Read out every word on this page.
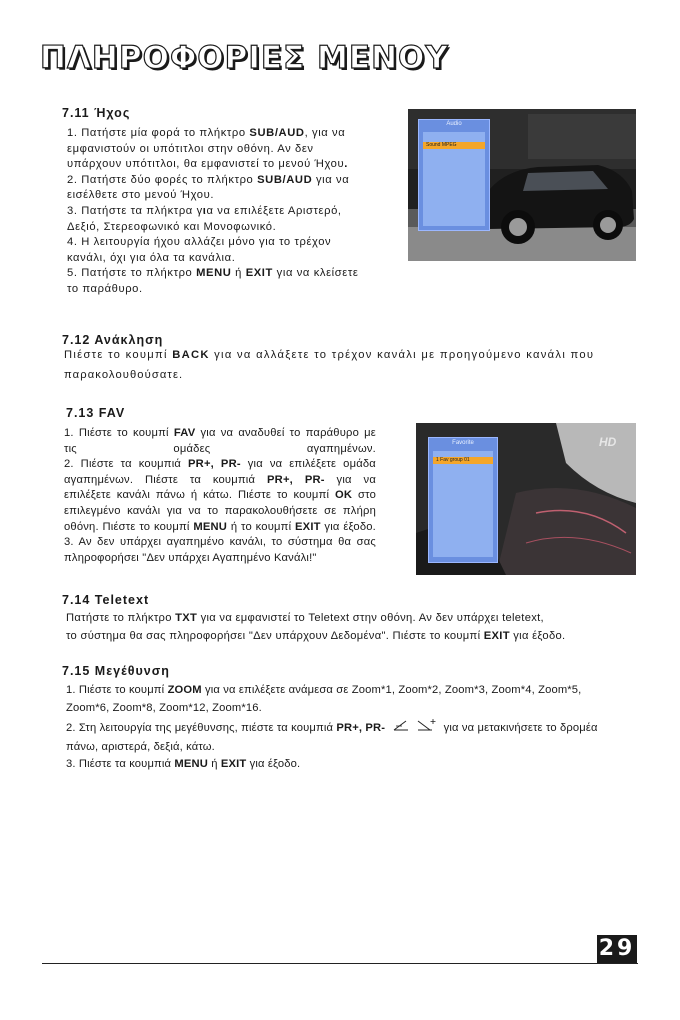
ΠΛΗΡΟΦΟΡΙΕΣ ΜΕΝΟΥ
7.11 Ήχος
1. Πατήστε μία φορά το πλήκτρο SUB/AUD, για να
εμφανιστούν οι υπότιτλοι στην οθόνη. Αν δεν
υπάρχουν υπότιτλοι, θα εμφανιστεί το μενού Ήχου.
2. Πατήστε δύο φορές το πλήκτρο SUB/AUD για να
εισέλθετε στο μενού Ήχου.
3. Πατήστε τα πλήκτρα για να επιλέξετε Αριστερό,
Δεξιό, Στερεοφωνικό και Μονοφωνικό.
4. Η λειτουργία ήχου αλλάζει μόνο για το τρέχον
κανάλι, όχι για όλα τα κανάλια.
5. Πατήστε το πλήκτρο MENU ή EXIT για να κλείσετε
το παράθυρο.
Audio
Sound MPEG
7.12 Ανάκληση
Πιέστε το κουμπί BACK για να αλλάξετε το τρέχον κανάλι με προηγούμενο κανάλι που
παρακολουθούσατε.
7.13 FAV
1. Πιέστε το κουμπί FAV για να αναδυθεί το παράθυρο με
τις ομάδες αγαπημένων.
2. Πιέστε τα κουμπιά PR+, PR- για να επιλέξετε ομάδα
αγαπημένων. Πιέστε τα κουμπιά PR+, PR- για να
επιλέξετε κανάλι πάνω ή κάτω. Πιέστε το κουμπί OK στο
επιλεγμένο κανάλι για να το παρακολουθήσετε σε πλήρη
οθόνη. Πιέστε το κουμπί MENU ή το κουμπί EXIT για έξοδο.
3. Αν δεν υπάρχει αγαπημένο κανάλι, το σύστημα θα σας
πληροφορήσει "Δεν υπάρχει Αγαπημένο Κανάλι!"
HD
Favorite
1 Fav group 01
7.14 Teletext
Πατήστε το πλήκτρο TXT για να εμφανιστεί το Teletext στην οθόνη. Αν δεν υπάρχει teletext,
το σύστημα θα σας πληροφορήσει "Δεν υπάρχουν Δεδομένα". Πιέστε το κουμπί EXIT για έξοδο.
7.15 Μεγέθυνση
1. Πιέστε το κουμπί ZOOM για να επιλέξετε ανάμεσα σε Zoom*1, Zoom*2, Zoom*3, Zoom*4, Zoom*5,
Zoom*6, Zoom*8, Zoom*12, Zoom*16.
2. Στη λειτουργία της μεγέθυνσης, πιέστε τα κουμπιά PR+, PR-	για να μετακινήσετε το δρομέα
πάνω, αριστερά, δεξιά, κάτω.
3. Πιέστε τα κουμπιά MENU ή EXIT για έξοδο.
29
